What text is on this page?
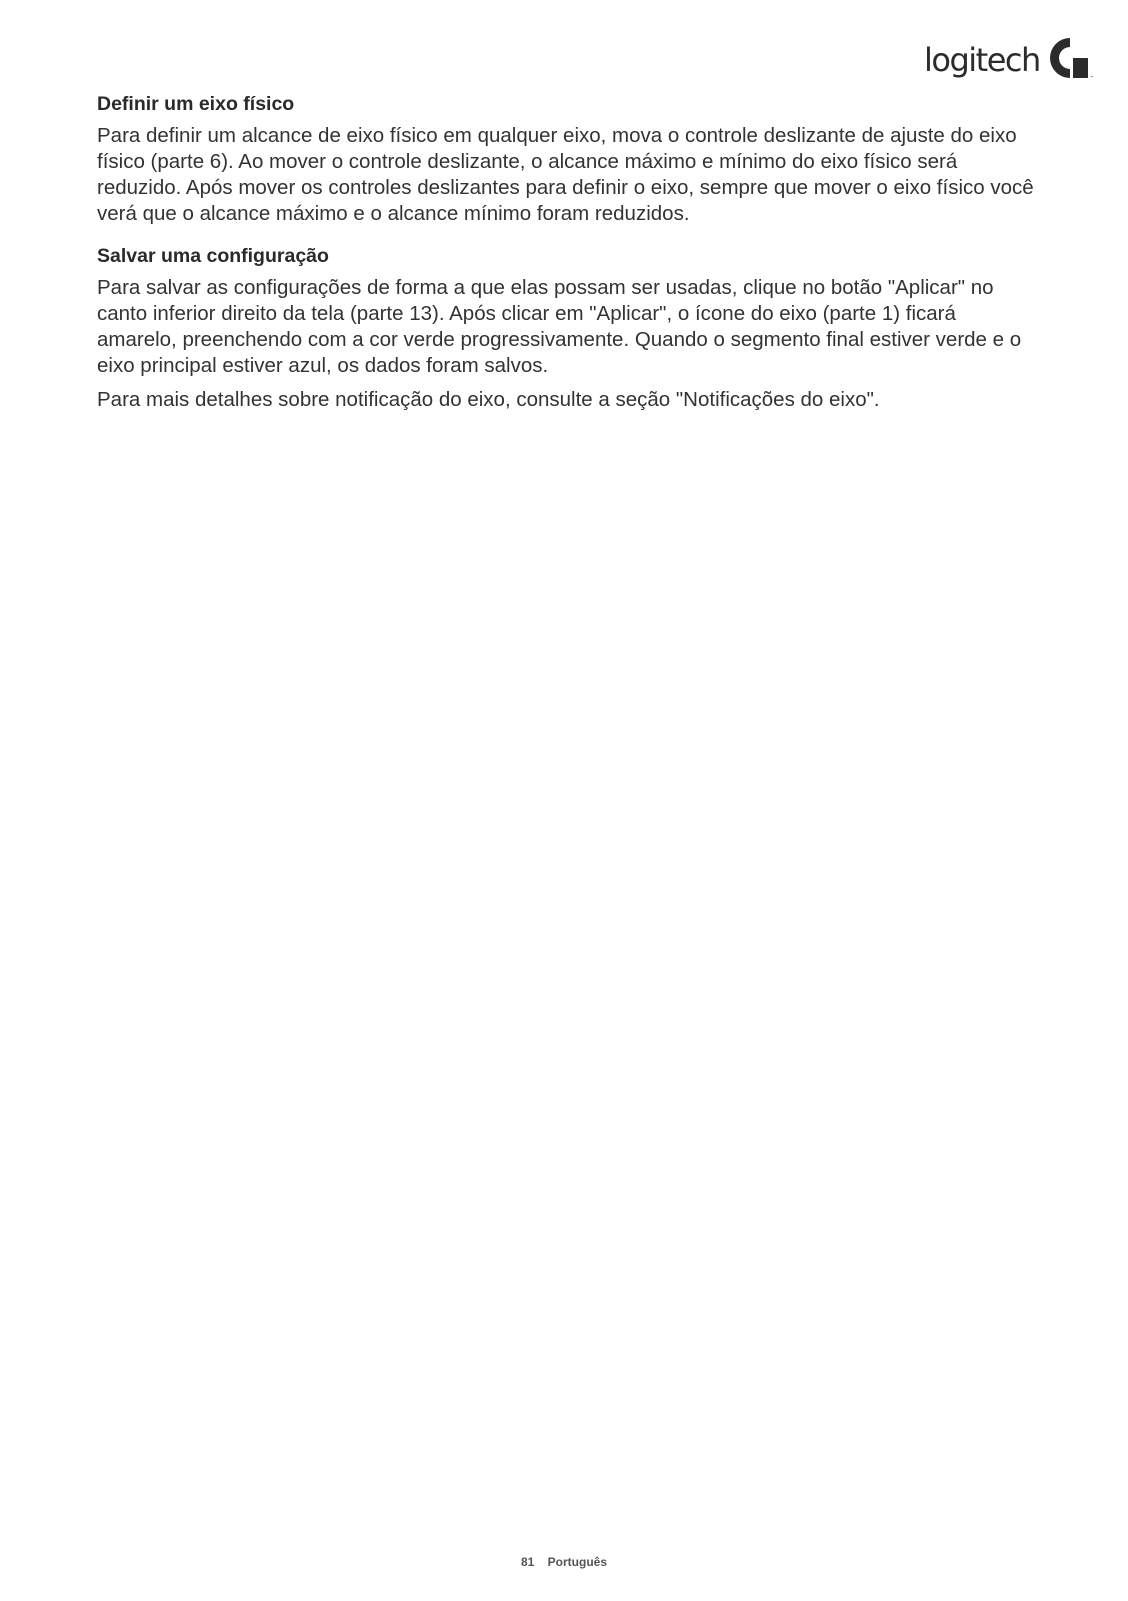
logitech	™
Definir um eixo físico

Para definir um alcance de eixo físico em qualquer eixo, mova o controle deslizante de ajuste do eixo físico (parte 6). Ao mover o controle deslizante, o alcance máximo e mínimo do eixo físico será reduzido. Após mover os controles deslizantes para definir o eixo, sempre que mover o eixo físico você verá que o alcance máximo e o alcance mínimo foram reduzidos.

Salvar uma configuração

Para salvar as configurações de forma a que elas possam ser usadas, clique no botão "Aplicar" no canto inferior direito da tela (parte 13). Após clicar em "Aplicar", o ícone do eixo (parte 1) ficará amarelo, preenchendo com a cor verde progressivamente. Quando o segmento final estiver verde e o eixo principal estiver azul, os dados foram salvos.

Para mais detalhes sobre notificação do eixo, consulte a seção "Notificações do eixo".

81 Português
